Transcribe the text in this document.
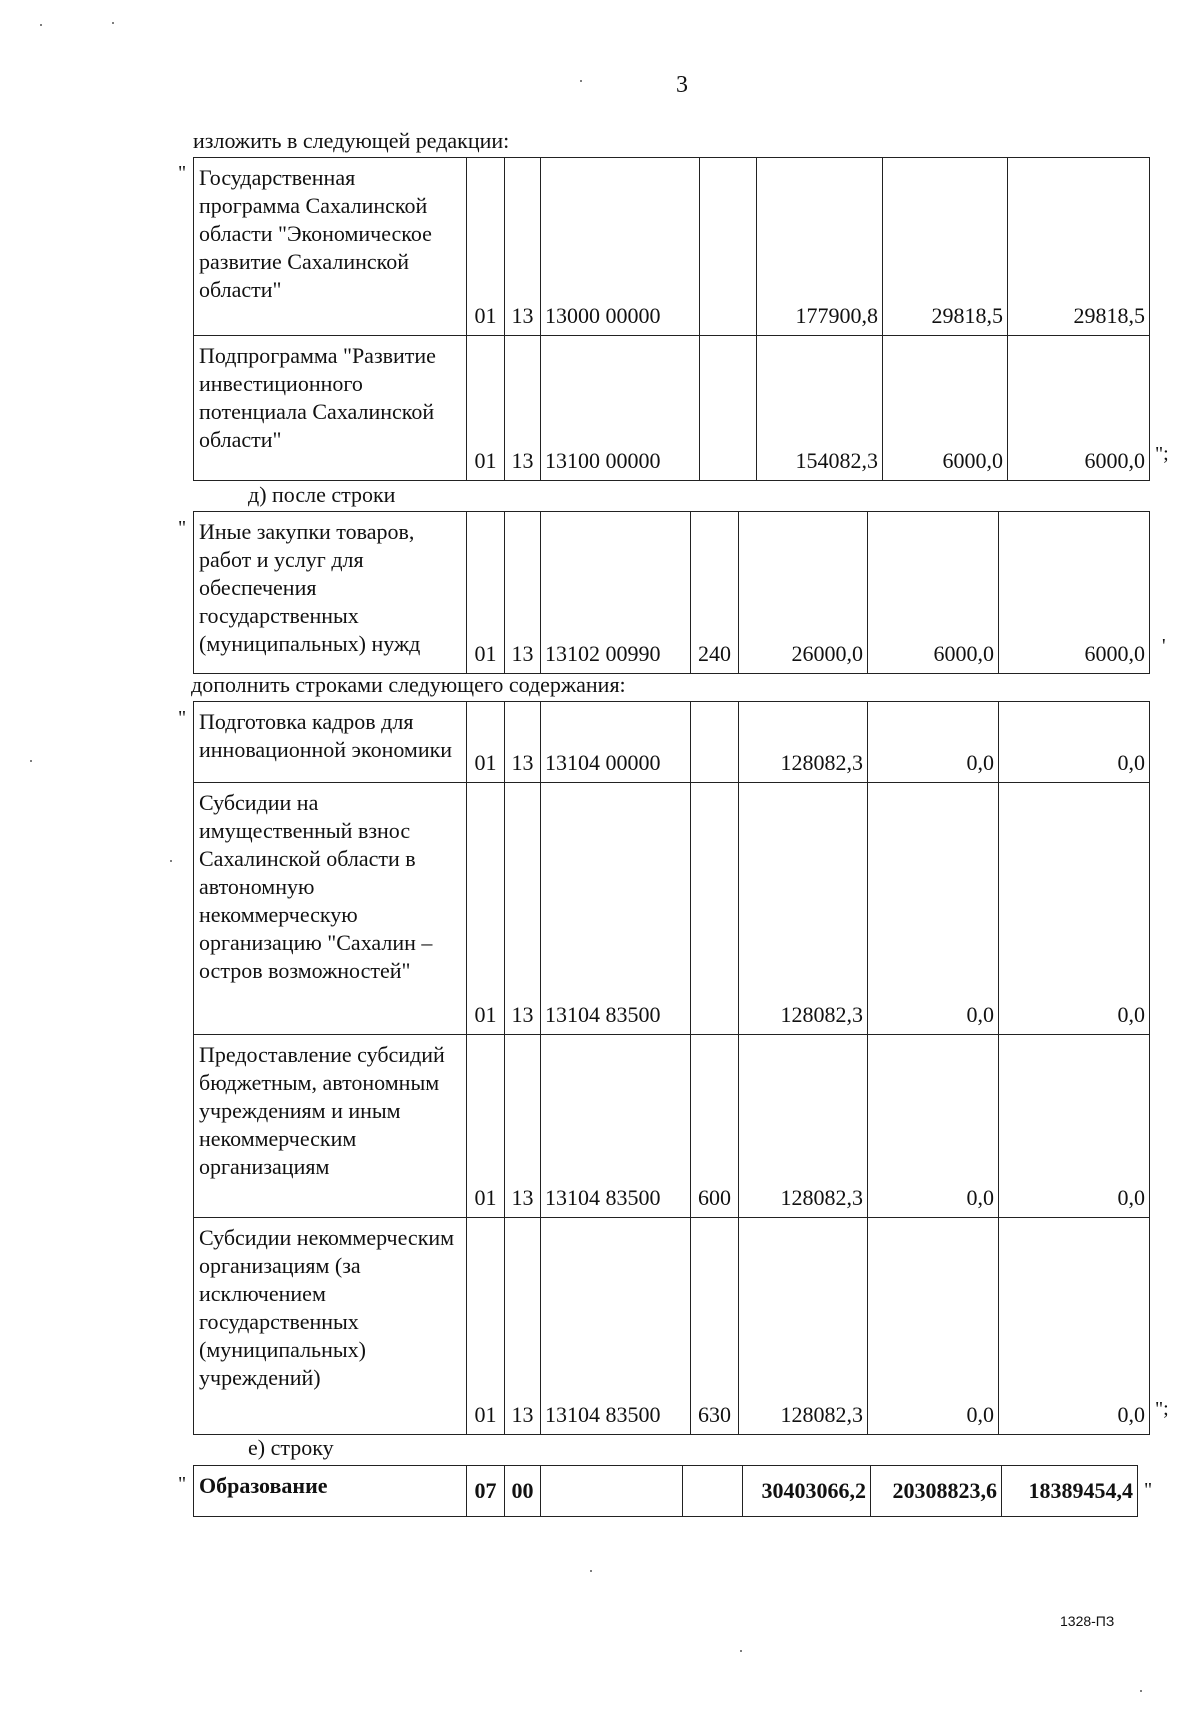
3
изложить в следующей редакции:
" Государственная программа Сахалинской области "Экономическое развитие Сахалинской области"	01	13	13000 00000		177900,8	29818,5	29818,5
Подпрограмма "Развитие инвестиционного потенциала Сахалинской области"	01	13	13100 00000		154082,3	6000,0	6000,0 ";
д) после строки
" Иные закупки товаров, работ и услуг для обеспечения государственных (муниципальных) нужд	01	13	13102 00990	240	26000,0	6000,0	6000,0 '
дополнить строками следующего содержания:
" Подготовка кадров для инновационной экономики	01	13	13104 00000		128082,3	0,0	0,0
Субсидии на имущественный взнос Сахалинской области в автономную некоммерческую организацию "Сахалин – остров возможностей"	01	13	13104 83500		128082,3	0,0	0,0
Предоставление субсидий бюджетным, автономным учреждениям и иным некоммерческим организациям	01	13	13104 83500	600	128082,3	0,0	0,0
Субсидии некоммерческим организациям (за исключением государственных (муниципальных) учреждений)	01	13	13104 83500	630	128082,3	0,0	0,0 ";
е) строку
" Образование	07	00			30403066,2	20308823,6	18389454,4 "
1328-ПЗ
